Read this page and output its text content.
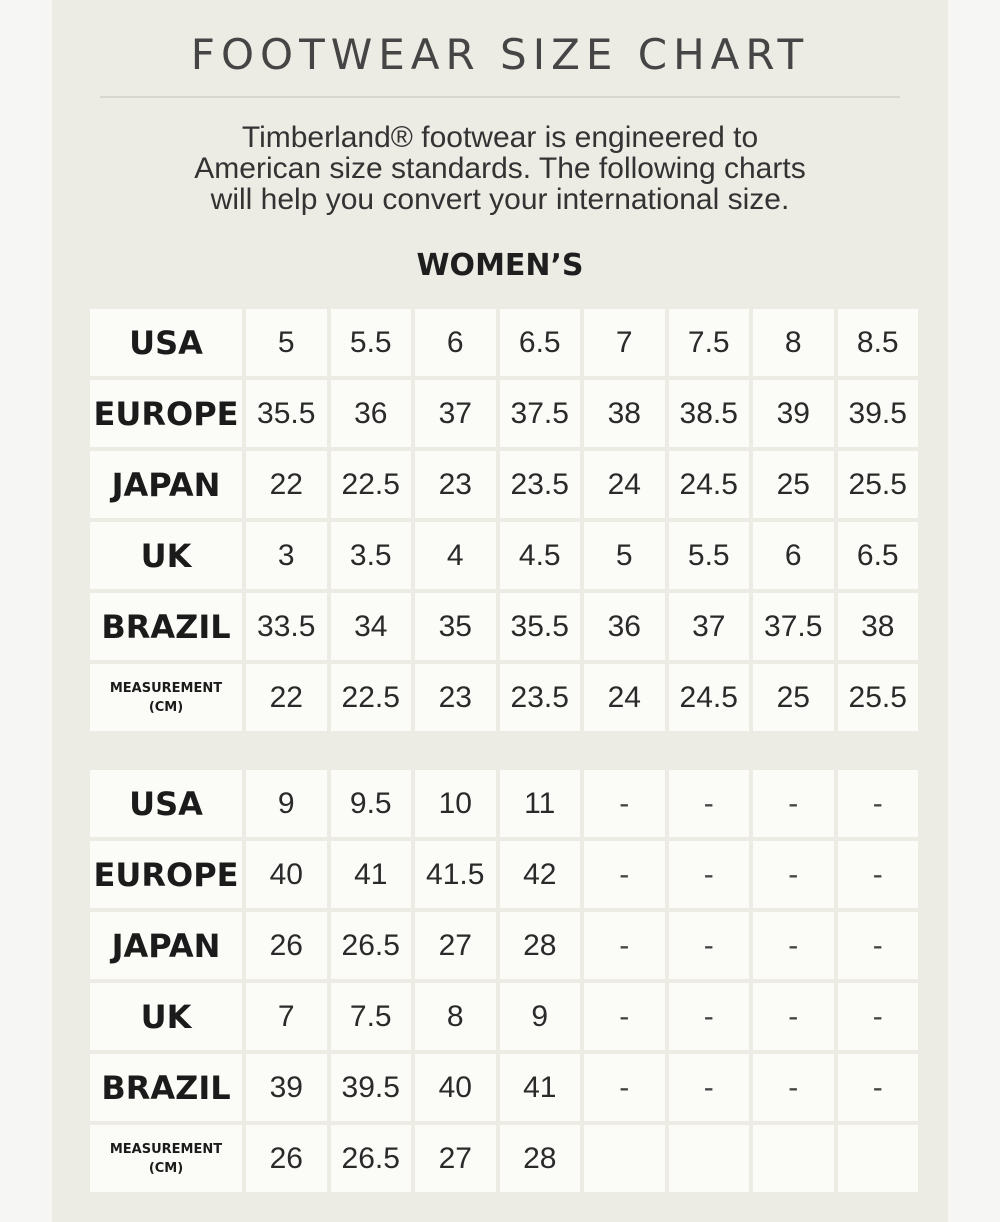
FOOTWEAR SIZE CHART
Timberland® footwear is engineered to
American size standards. The following charts
will help you convert your international size.
WOMEN’S
USA	5	5.5	6	6.5	7	7.5	8	8.5
EUROPE	35.5	36	37	37.5	38	38.5	39	39.5
JAPAN	22	22.5	23	23.5	24	24.5	25	25.5
UK	3	3.5	4	4.5	5	5.5	6	6.5
BRAZIL	33.5	34	35	35.5	36	37	37.5	38

MEASUREMENT
(CM)	22	22.5	23	23.5	24	24.5	25	25.5
USA	9	9.5	10	11	-	-	-	-
EUROPE	40	41	41.5	42	-	-	-	-
JAPAN	26	26.5	27	28	-	-	-	-
UK	7	7.5	8	9	-	-	-	-
BRAZIL	39	39.5	40	41	-	-	-	-

MEASUREMENT
(CM)	26	26.5	27	28				
